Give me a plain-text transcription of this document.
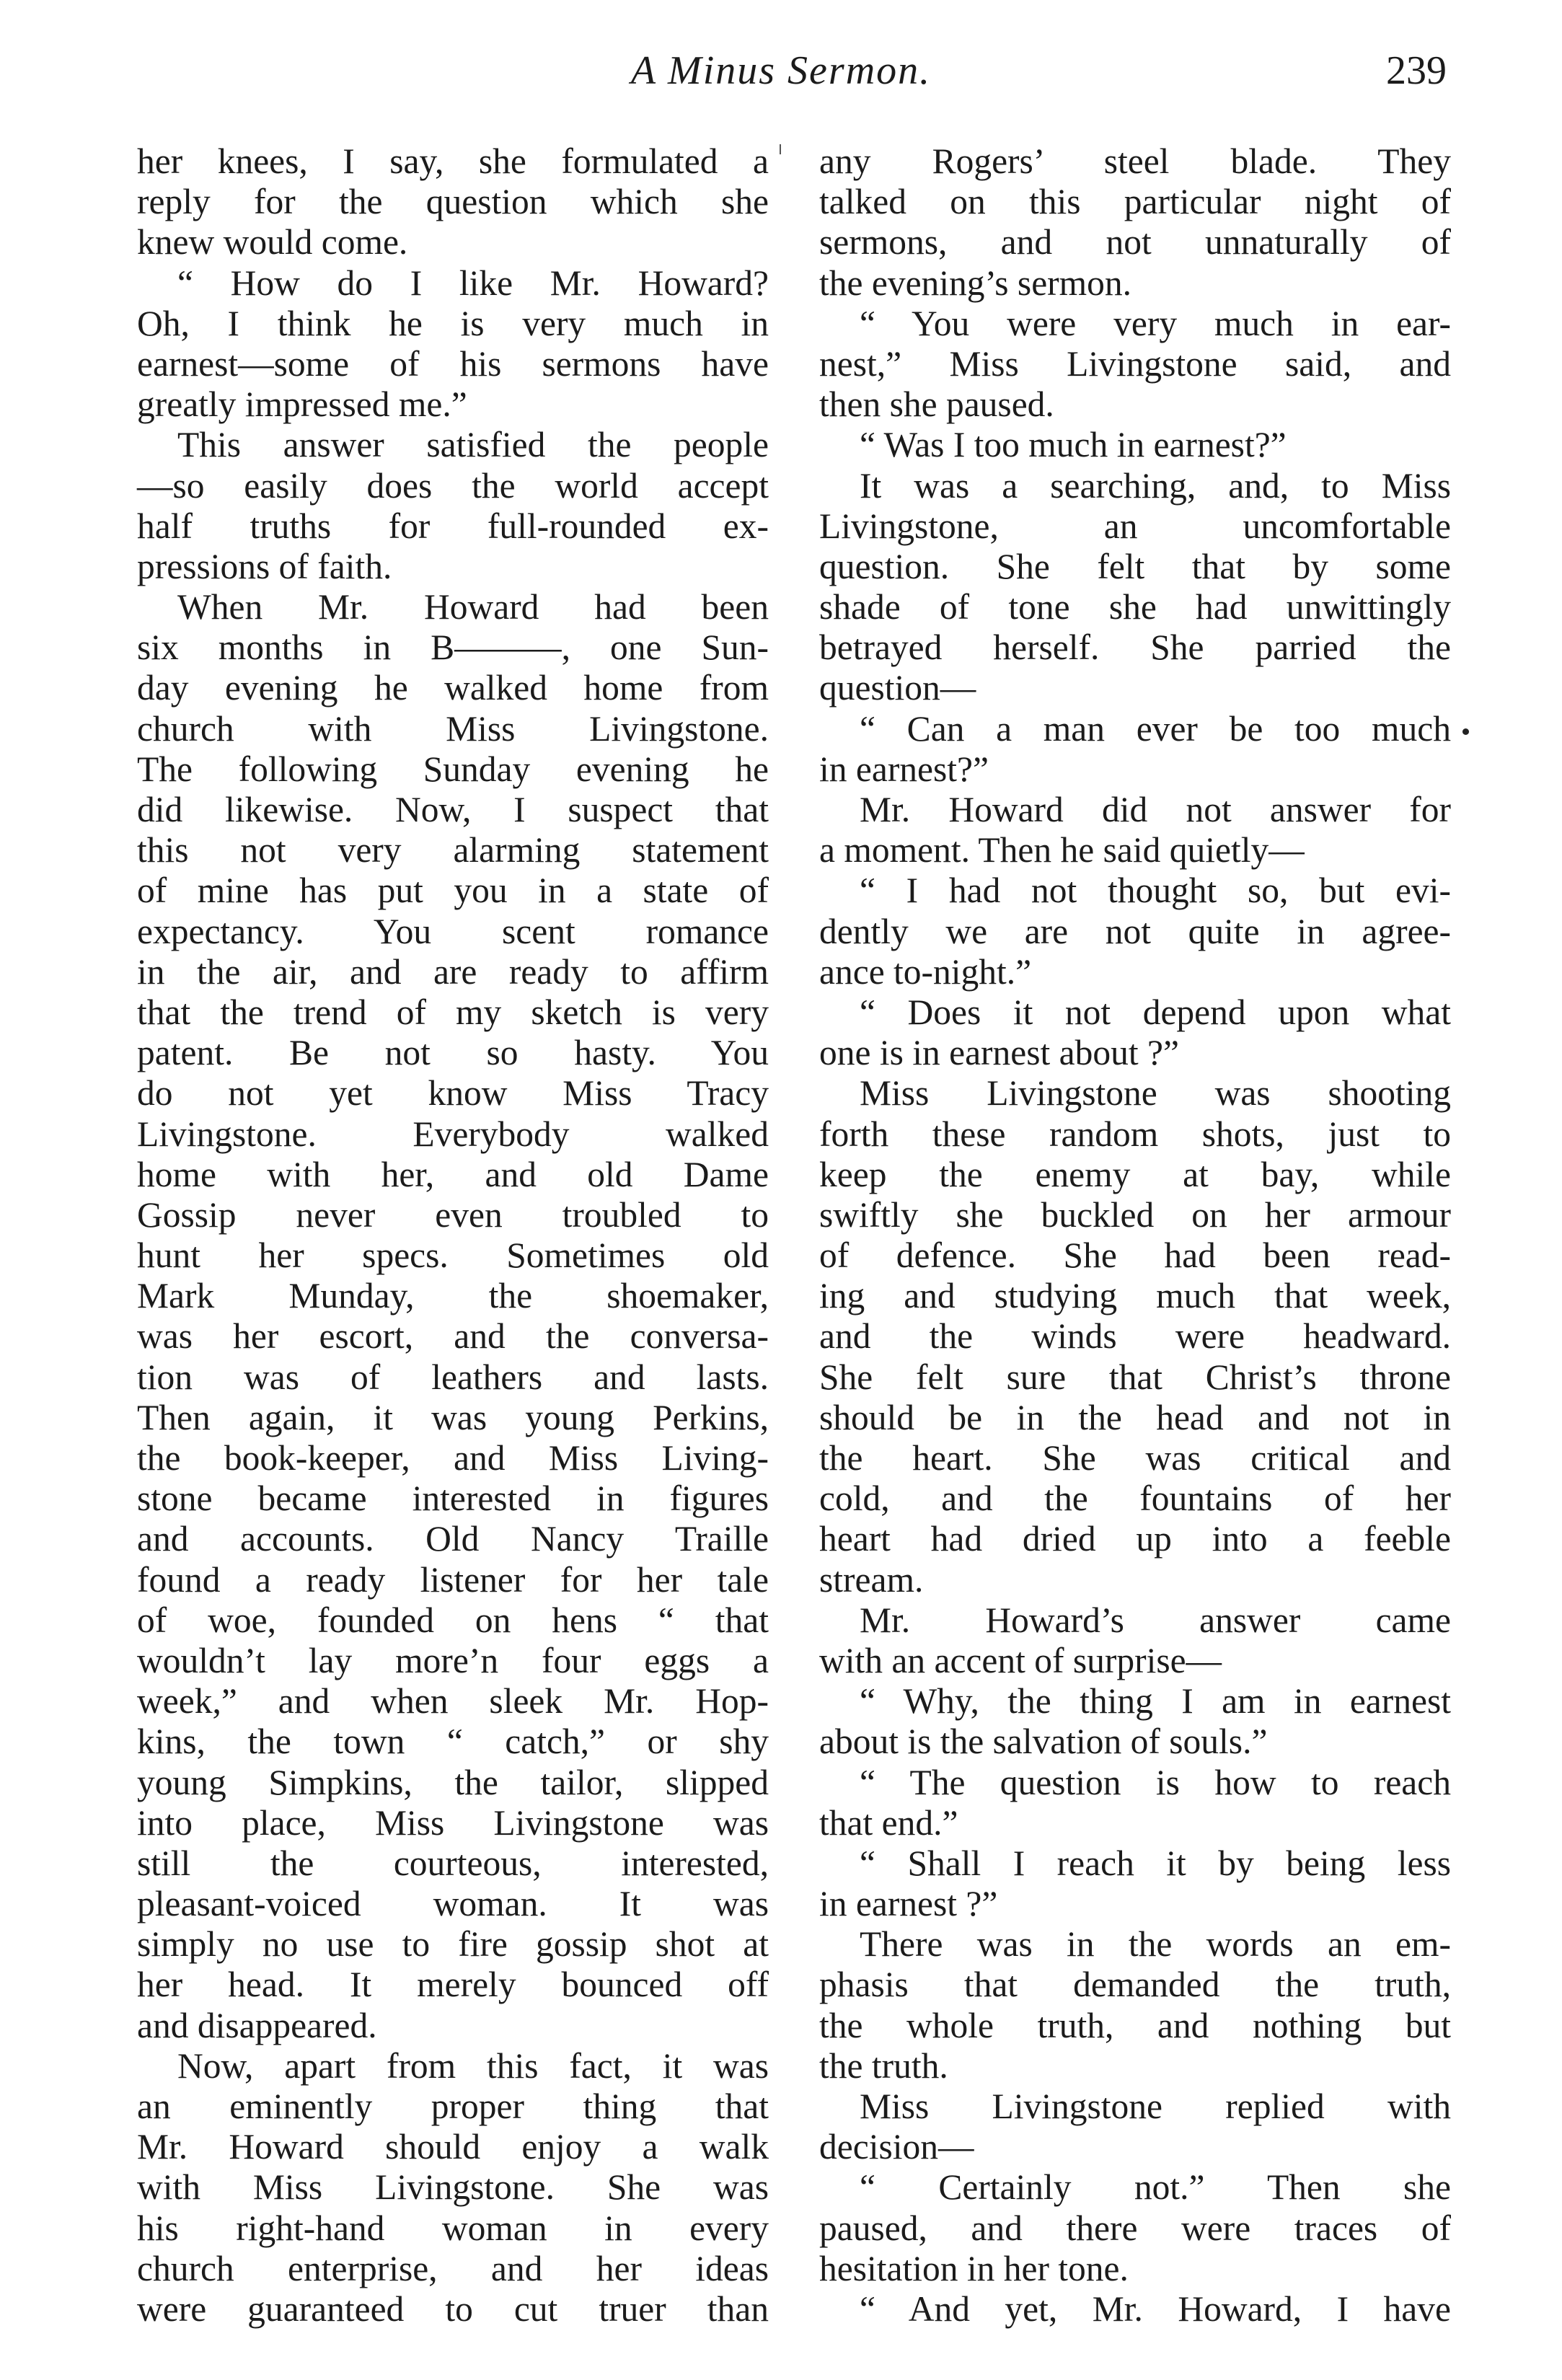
A Minus Sermon.	239
her knees, I say, she formulated a
reply for the question which she
knew would come.
“ How do I like Mr. Howard?
Oh, I think he is very much in
earnest—some of his sermons have
greatly impressed me.”
This answer satisfied the people
—so easily does the world accept
half truths for full-rounded ex-
pressions of faith.
When Mr. Howard had been
six months in B———, one Sun-
day evening he walked home from
church with Miss Livingstone.
The following Sunday evening he
did likewise. Now, I suspect that
this not very alarming statement
of mine has put you in a state of
expectancy. You scent romance
in the air, and are ready to affirm
that the trend of my sketch is very
patent. Be not so hasty. You
do not yet know Miss Tracy
Livingstone. Everybody walked
home with her, and old Dame
Gossip never even troubled to
hunt her specs. Sometimes old
Mark Munday, the shoemaker,
was her escort, and the conversa-
tion was of leathers and lasts.
Then again, it was young Perkins,
the book-keeper, and Miss Living-
stone became interested in figures
and accounts. Old Nancy Traille
found a ready listener for her tale
of woe, founded on hens “ that
wouldn’t lay more’n four eggs a
week,” and when sleek Mr. Hop-
kins, the town “ catch,” or shy
young Simpkins, the tailor, slipped
into place, Miss Livingstone was
still the courteous, interested,
pleasant-voiced woman. It was
simply no use to fire gossip shot at
her head. It merely bounced off
and disappeared.
Now, apart from this fact, it was
an eminently proper thing that
Mr. Howard should enjoy a walk
with Miss Livingstone. She was
his right-hand woman in every
church enterprise, and her ideas
were guaranteed to cut truer than
any Rogers’ steel blade. They
talked on this particular night of
sermons, and not unnaturally of
the evening’s sermon.
“ You were very much in ear-
nest,” Miss Livingstone said, and
then she paused.
“ Was I too much in earnest?”
It was a searching, and, to Miss
Livingstone, an uncomfortable
question. She felt that by some
shade of tone she had unwittingly
betrayed herself. She parried the
question—
“ Can a man ever be too much
in earnest?”
Mr. Howard did not answer for
a moment. Then he said quietly—
“ I had not thought so, but evi-
dently we are not quite in agree-
ance to-night.”
“ Does it not depend upon what
one is in earnest about ?”
Miss Livingstone was shooting
forth these random shots, just to
keep the enemy at bay, while
swiftly she buckled on her armour
of defence. She had been read-
ing and studying much that week,
and the winds were headward.
She felt sure that Christ’s throne
should be in the head and not in
the heart. She was critical and
cold, and the fountains of her
heart had dried up into a feeble
stream.
Mr. Howard’s answer came
with an accent of surprise—
“ Why, the thing I am in earnest
about is the salvation of souls.”
“ The question is how to reach
that end.”
“ Shall I reach it by being less
in earnest ?”
There was in the words an em-
phasis that demanded the truth,
the whole truth, and nothing but
the truth.
Miss Livingstone replied with
decision—
“ Certainly not.” Then she
paused, and there were traces of
hesitation in her tone.
“ And yet, Mr. Howard, I have
